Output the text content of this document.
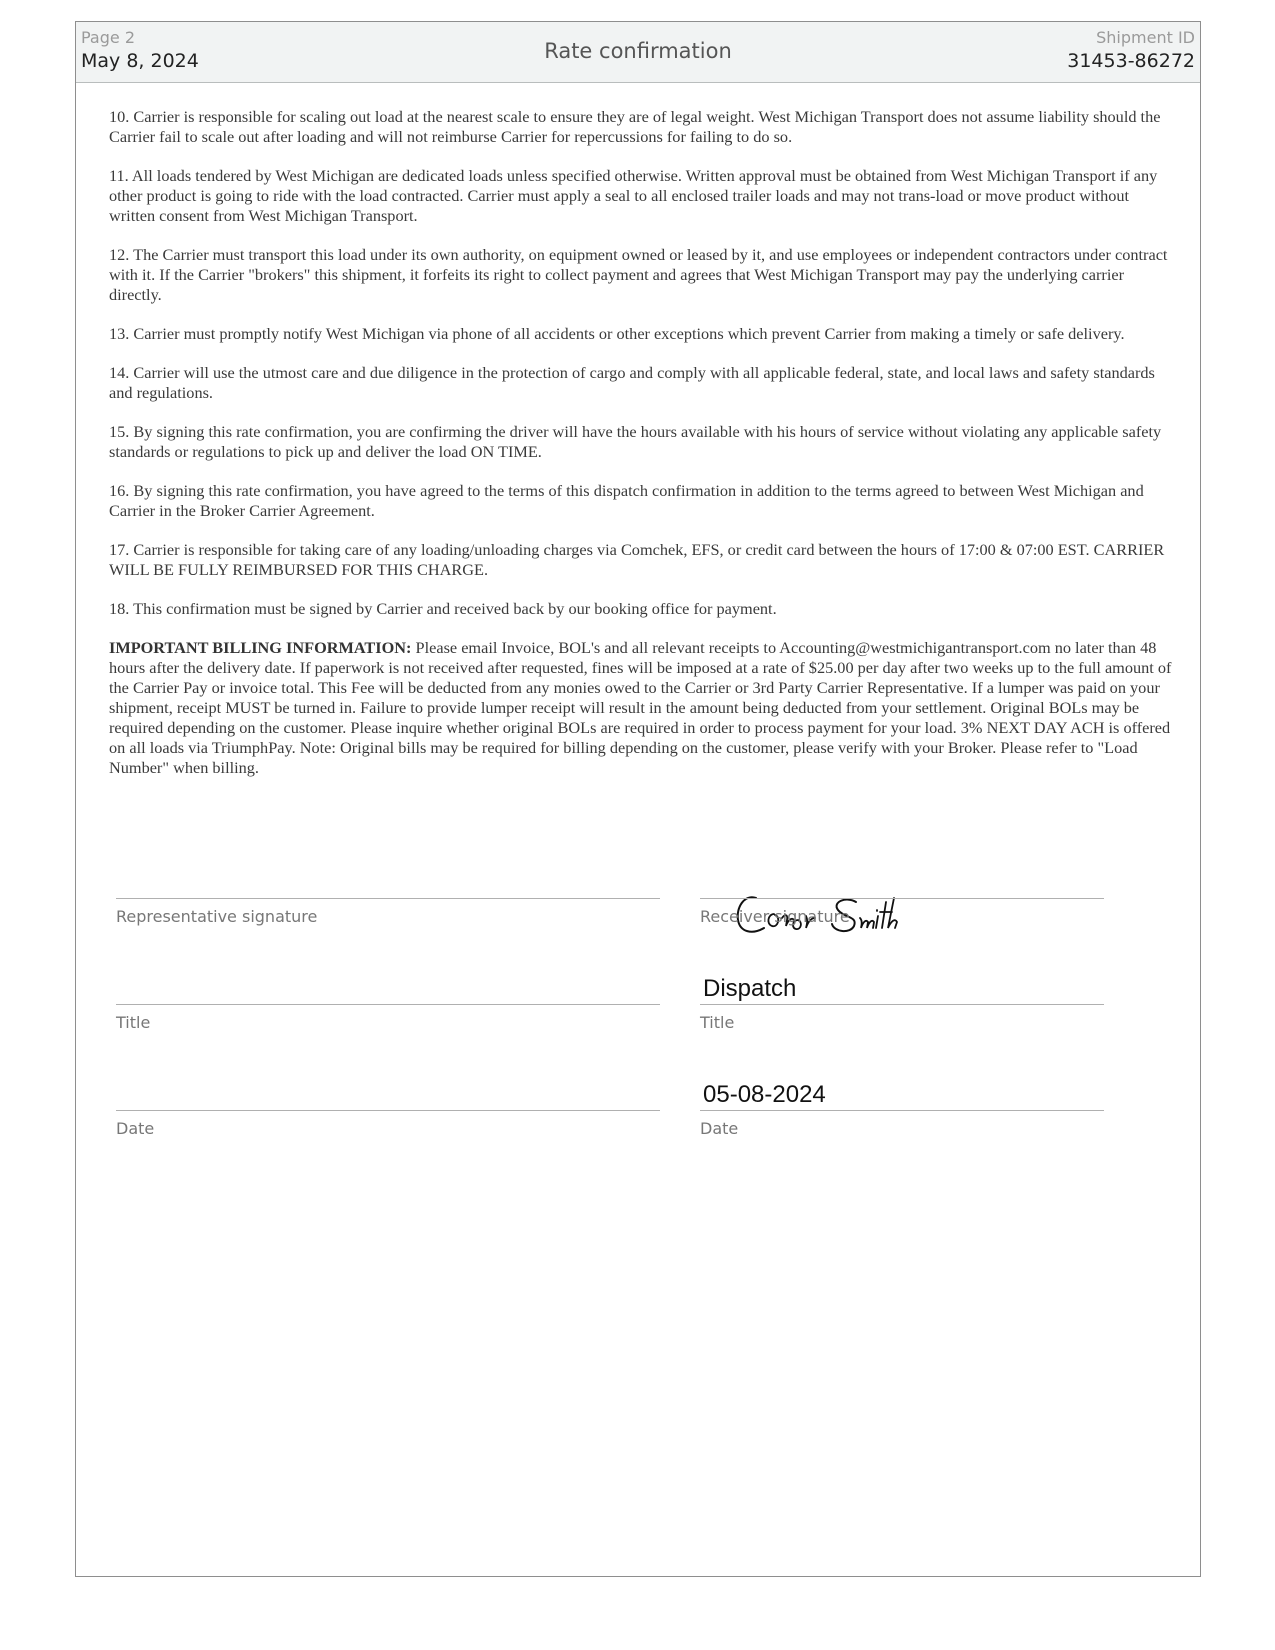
Page 2
May 8, 2024	Rate confirmation
Shipment ID
31453-86272

10. Carrier is responsible for scaling out load at the nearest scale to ensure they are of legal weight. West Michigan Transport does not assume liability should the Carrier fail to scale out after loading and will not reimburse Carrier for repercussions for failing to do so.

11. All loads tendered by West Michigan are dedicated loads unless specified otherwise. Written approval must be obtained from West Michigan Transport if any other product is going to ride with the load contracted. Carrier must apply a seal to all enclosed trailer loads and may not trans-load or move product without written consent from West Michigan Transport.

12. The Carrier must transport this load under its own authority, on equipment owned or leased by it, and use employees or independent contractors under contract with it. If the Carrier "brokers" this shipment, it forfeits its right to collect payment and agrees that West Michigan Transport may pay the underlying carrier directly.

13. Carrier must promptly notify West Michigan via phone of all accidents or other exceptions which prevent Carrier from making a timely or safe delivery.

14. Carrier will use the utmost care and due diligence in the protection of cargo and comply with all applicable federal, state, and local laws and safety standards and regulations.

15. By signing this rate confirmation, you are confirming the driver will have the hours available with his hours of service without violating any applicable safety standards or regulations to pick up and deliver the load ON TIME.

16. By signing this rate confirmation, you have agreed to the terms of this dispatch confirmation in addition to the terms agreed to between West Michigan and Carrier in the Broker Carrier Agreement.

17. Carrier is responsible for taking care of any loading/unloading charges via Comchek, EFS, or credit card between the hours of 17:00 & 07:00 EST. CARRIER WILL BE FULLY REIMBURSED FOR THIS CHARGE.

18. This confirmation must be signed by Carrier and received back by our booking office for payment.

IMPORTANT BILLING INFORMATION: Please email Invoice, BOL's and all relevant receipts to Accounting@westmichigantransport.com no later than 48 hours after the delivery date. If paperwork is not received after requested, fines will be imposed at a rate of $25.00 per day after two weeks up to the full amount of the Carrier Pay or invoice total. This Fee will be deducted from any monies owed to the Carrier or 3rd Party Carrier Representative. If a lumper was paid on your shipment, receipt MUST be turned in. Failure to provide lumper receipt will result in the amount being deducted from your settlement. Original BOLs may be required depending on the customer. Please inquire whether original BOLs are required in order to process payment for your load. 3% NEXT DAY ACH is offered on all loads via TriumphPay. Note: Original bills may be required for billing depending on the customer, please verify with your Broker. Please refer to "Load Number" when billing.

Representative signature
Title
Date
Receiver signature
Dispatch
Title
05-08-2024
Date
